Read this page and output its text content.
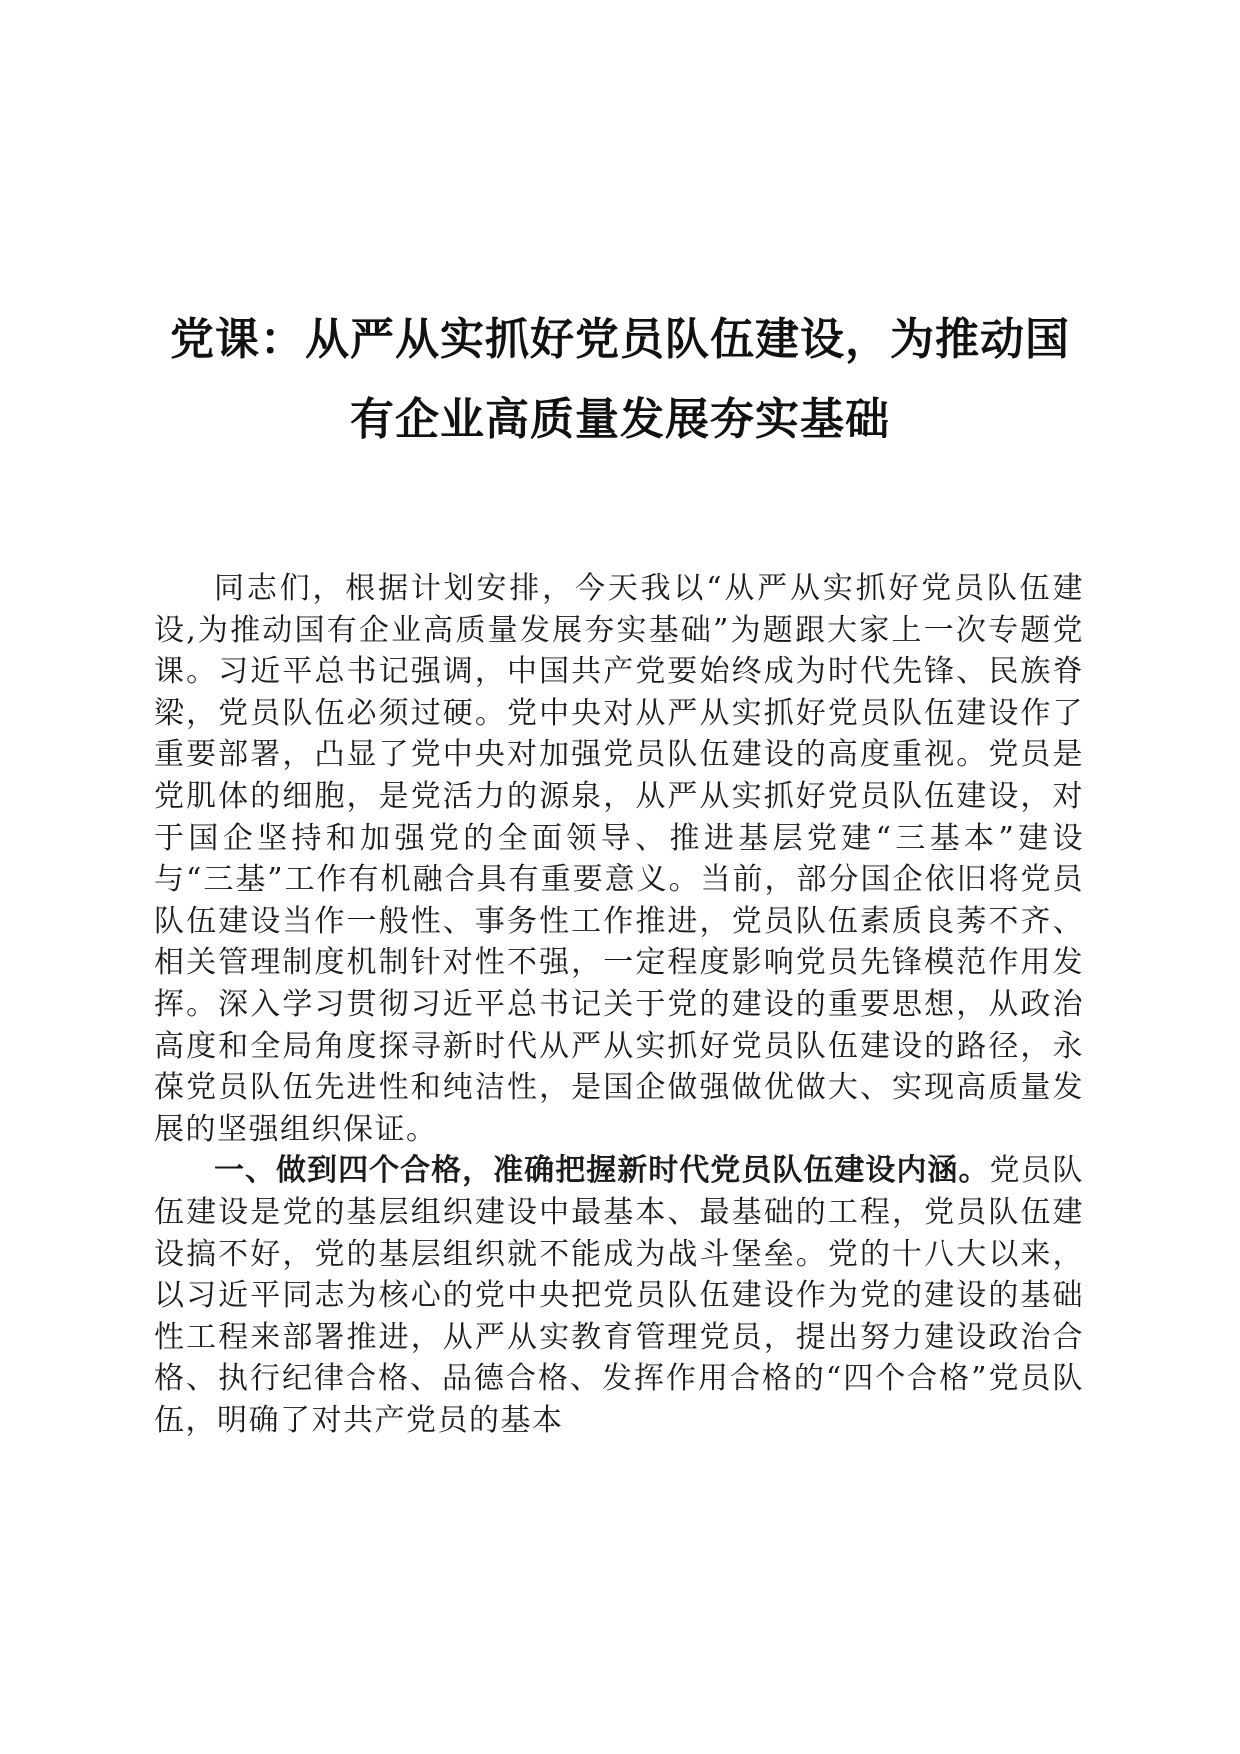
党课：从严从实抓好党员队伍建设，为推动国
有企业高质量发展夯实基础

同志们，根据计划安排，今天我以“从严从实抓好党员队伍建设,为推动国有企业高质量发展夯实基础”为题跟大家上一次专题党课。习近平总书记强调，中国共产党要始终成为时代先锋、民族脊梁，党员队伍必须过硬。党中央对从严从实抓好党员队伍建设作了重要部署，凸显了党中央对加强党员队伍建设的高度重视。党员是党肌体的细胞，是党活力的源泉，从严从实抓好党员队伍建设，对于国企坚持和加强党的全面领导、推进基层党建“三基本”建设与“三基”工作有机融合具有重要意义。当前，部分国企依旧将党员队伍建设当作一般性、事务性工作推进，党员队伍素质良莠不齐、相关管理制度机制针对性不强，一定程度影响党员先锋模范作用发挥。深入学习贯彻习近平总书记关于党的建设的重要思想，从政治高度和全局角度探寻新时代从严从实抓好党员队伍建设的路径，永葆党员队伍先进性和纯洁性，是国企做强做优做大、实现高质量发展的坚强组织保证。

一、做到四个合格，准确把握新时代党员队伍建设内涵。党员队伍建设是党的基层组织建设中最基本、最基础的工程，党员队伍建设搞不好，党的基层组织就不能成为战斗堡垒。党的十八大以来，以习近平同志为核心的党中央把党员队伍建设作为党的建设的基础性工程来部署推进，从严从实教育管理党员，提出努力建设政治合格、执行纪律合格、品德合格、发挥作用合格的“四个合格”党员队伍，明确了对共产党员的基本
